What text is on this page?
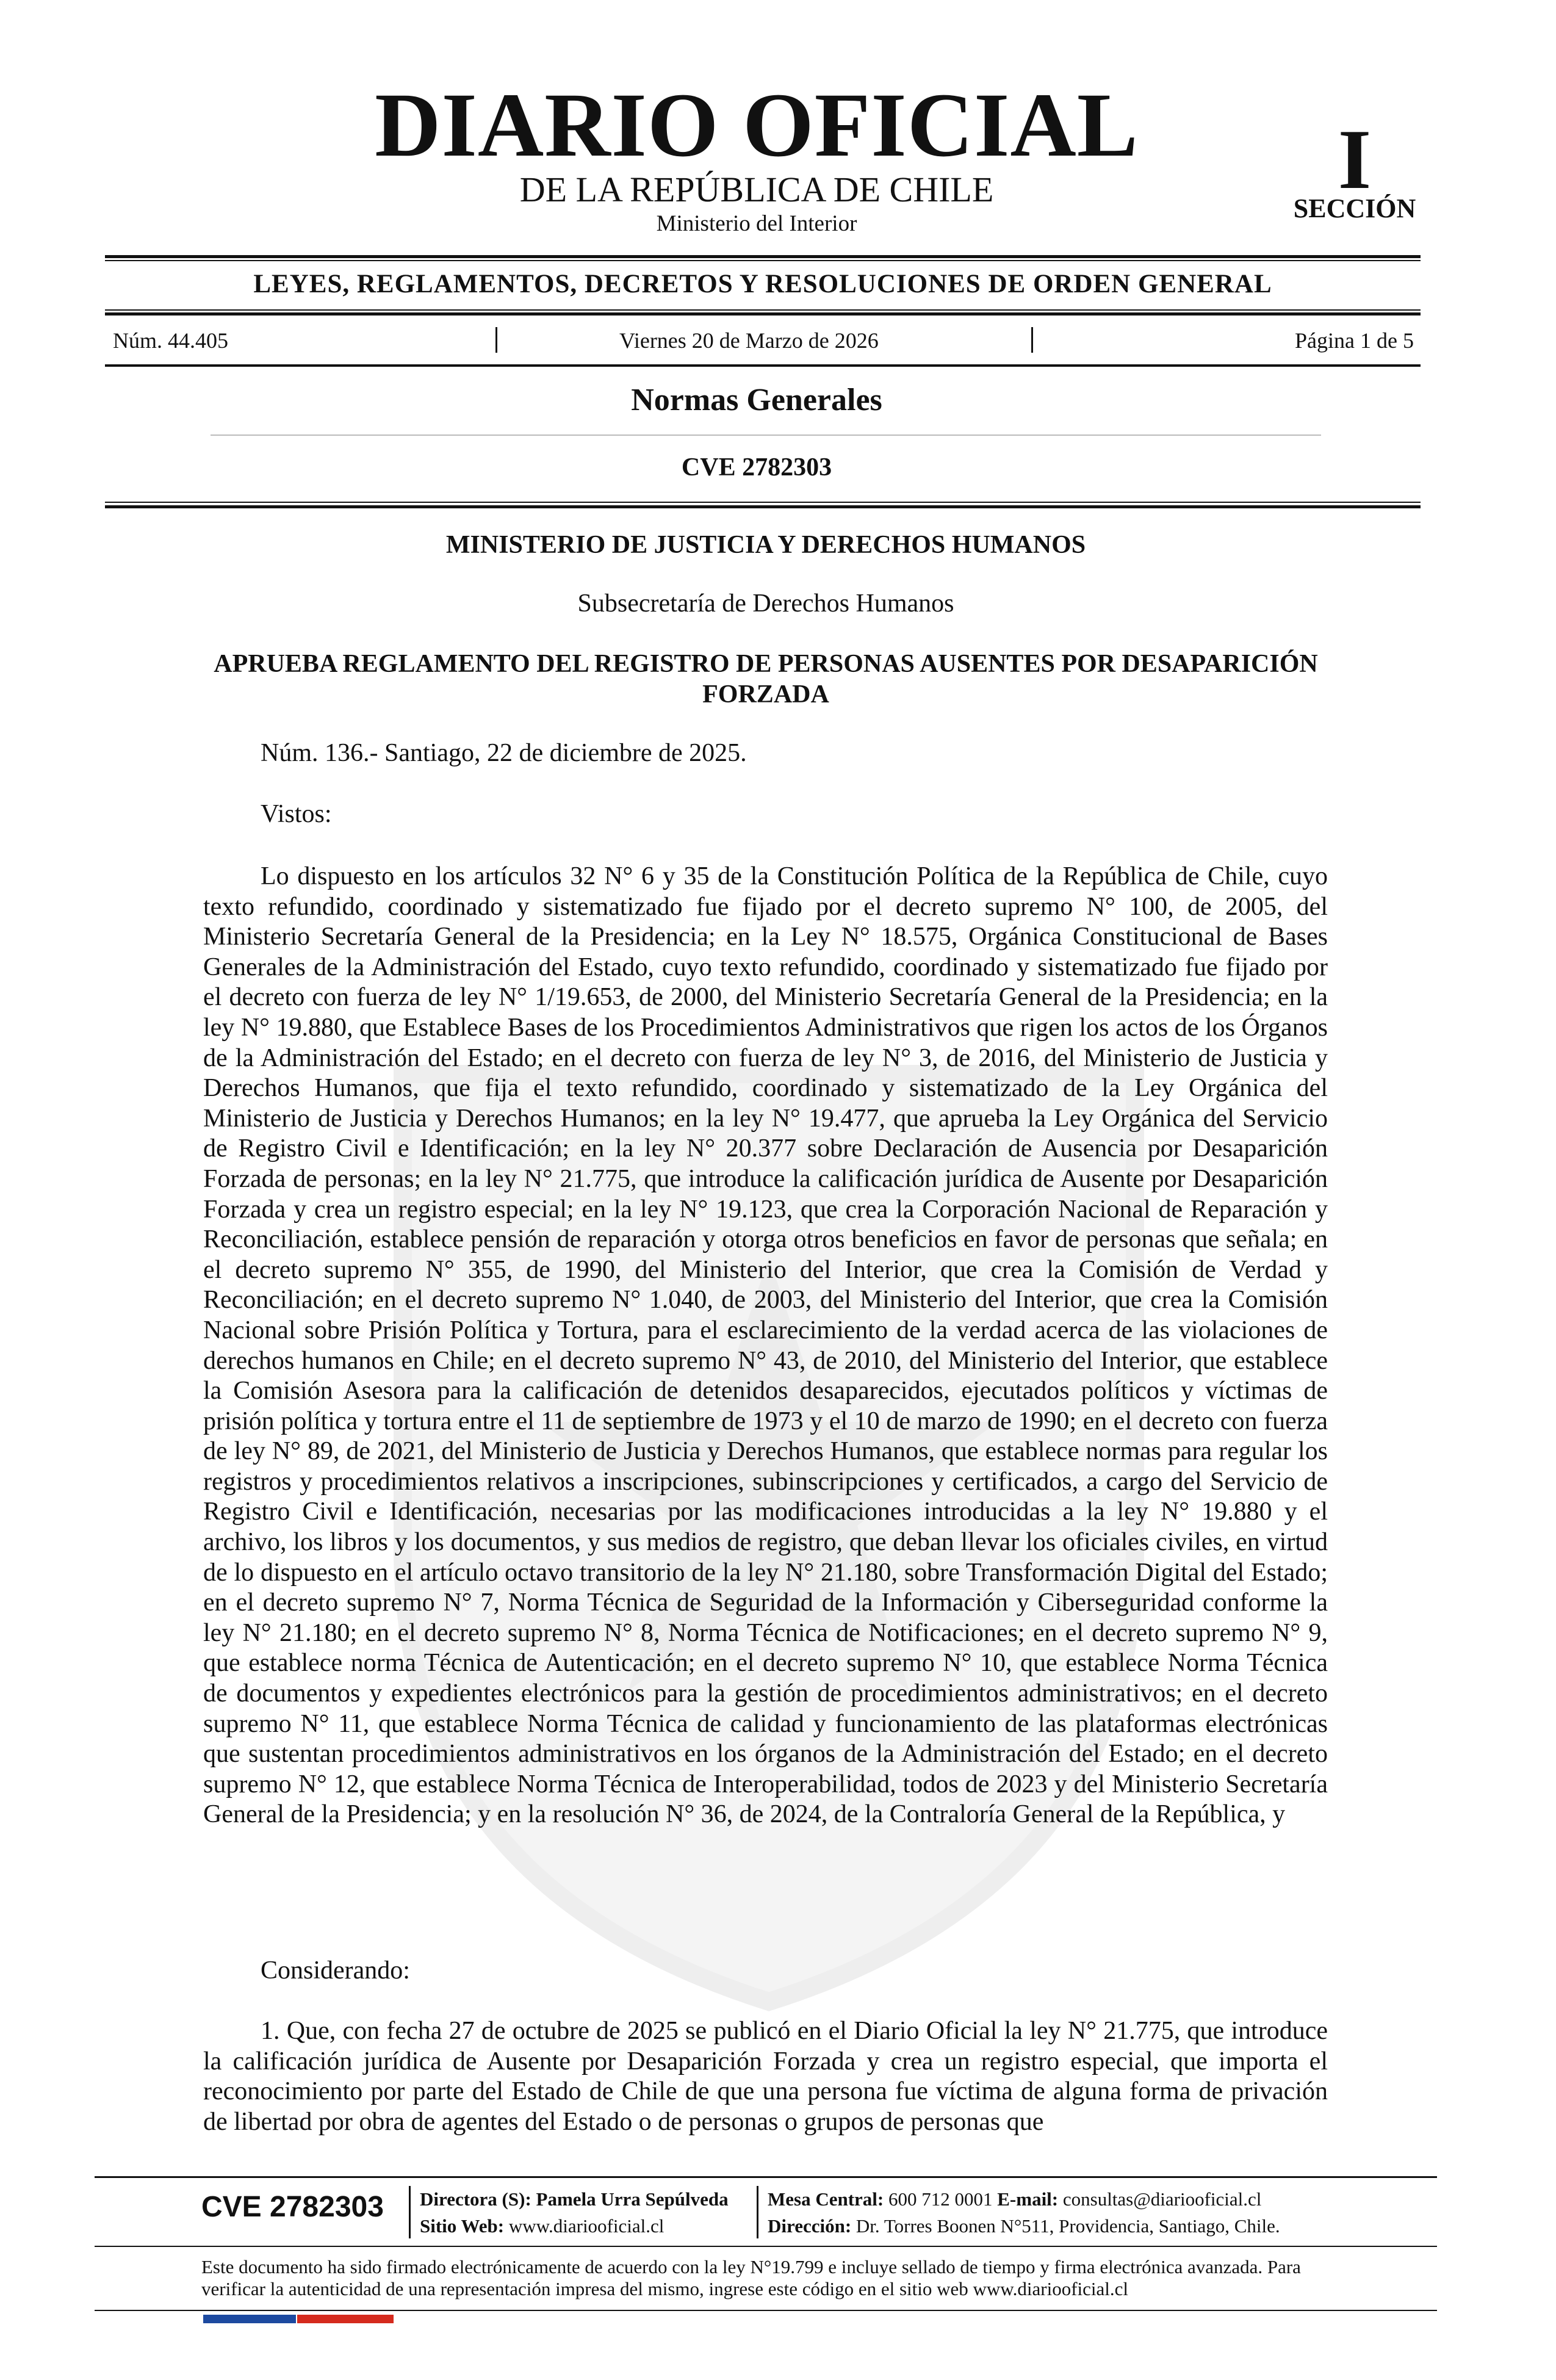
DIARIO OFICIAL
DE LA REPÚBLICA DE CHILE
Ministerio del Interior
I
SECCIÓN
LEYES, REGLAMENTOS, DECRETOS Y RESOLUCIONES DE ORDEN GENERAL
Núm. 44.405	Viernes 20 de Marzo de 2026	Página 1 de 5
Normas Generales
CVE 2782303
MINISTERIO DE JUSTICIA Y DERECHOS HUMANOS
Subsecretaría de Derechos Humanos
APRUEBA REGLAMENTO DEL REGISTRO DE PERSONAS AUSENTES POR DESAPARICIÓN FORZADA

Núm. 136.- Santiago, 22 de diciembre de 2025.

Vistos:

Lo dispuesto en los artículos 32 N° 6 y 35 de la Constitución Política de la República de Chile, cuyo texto refundido, coordinado y sistematizado fue fijado por el decreto supremo N° 100, de 2005, del Ministerio Secretaría General de la Presidencia; en la Ley N° 18.575, Orgánica Constitucional de Bases Generales de la Administración del Estado, cuyo texto refundido, coordinado y sistematizado fue fijado por el decreto con fuerza de ley N° 1/19.653, de 2000, del Ministerio Secretaría General de la Presidencia; en la ley N° 19.880, que Establece Bases de los Procedimientos Administrativos que rigen los actos de los Órganos de la Administración del Estado; en el decreto con fuerza de ley N° 3, de 2016, del Ministerio de Justicia y Derechos Humanos, que fija el texto refundido, coordinado y sistematizado de la Ley Orgánica del Ministerio de Justicia y Derechos Humanos; en la ley N° 19.477, que aprueba la Ley Orgánica del Servicio de Registro Civil e Identificación; en la ley N° 20.377 sobre Declaración de Ausencia por Desaparición Forzada de personas; en la ley N° 21.775, que introduce la calificación jurídica de Ausente por Desaparición Forzada y crea un registro especial; en la ley N° 19.123, que crea la Corporación Nacional de Reparación y Reconciliación, establece pensión de reparación y otorga otros beneficios en favor de personas que señala; en el decreto supremo N° 355, de 1990, del Ministerio del Interior, que crea la Comisión de Verdad y Reconciliación; en el decreto supremo N° 1.040, de 2003, del Ministerio del Interior, que crea la Comisión Nacional sobre Prisión Política y Tortura, para el esclarecimiento de la verdad acerca de las violaciones de derechos humanos en Chile; en el decreto supremo N° 43, de 2010, del Ministerio del Interior, que establece la Comisión Asesora para la calificación de detenidos desaparecidos, ejecutados políticos y víctimas de prisión política y tortura entre el 11 de septiembre de 1973 y el 10 de marzo de 1990; en el decreto con fuerza de ley N° 89, de 2021, del Ministerio de Justicia y Derechos Humanos, que establece normas para regular los registros y procedimientos relativos a inscripciones, subinscripciones y certificados, a cargo del Servicio de Registro Civil e Identificación, necesarias por las modificaciones introducidas a la ley N° 19.880 y el archivo, los libros y los documentos, y sus medios de registro, que deban llevar los oficiales civiles, en virtud de lo dispuesto en el artículo octavo transitorio de la ley N° 21.180, sobre Transformación Digital del Estado; en el decreto supremo N° 7, Norma Técnica de Seguridad de la Información y Ciberseguridad conforme la ley N° 21.180; en el decreto supremo N° 8, Norma Técnica de Notificaciones; en el decreto supremo N° 9, que establece norma Técnica de Autenticación; en el decreto supremo N° 10, que establece Norma Técnica de documentos y expedientes electrónicos para la gestión de procedimientos administrativos; en el decreto supremo N° 11, que establece Norma Técnica de calidad y funcionamiento de las plataformas electrónicas que sustentan procedimientos administrativos en los órganos de la Administración del Estado; en el decreto supremo N° 12, que establece Norma Técnica de Interoperabilidad, todos de 2023 y del Ministerio Secretaría General de la Presidencia; y en la resolución N° 36, de 2024, de la Contraloría General de la República, y

Considerando:

1. Que, con fecha 27 de octubre de 2025 se publicó en el Diario Oficial la ley N° 21.775, que introduce la calificación jurídica de Ausente por Desaparición Forzada y crea un registro especial, que importa el reconocimiento por parte del Estado de Chile de que una persona fue víctima de alguna forma de privación de libertad por obra de agentes del Estado o de personas o grupos de personas que

CVE 2782303 Directora (S): Pamela Urra Sepúlveda
Sitio Web: www.diariooficial.cl
Mesa Central: 600 712 0001 E-mail: consultas@diariooficial.cl
Dirección: Dr. Torres Boonen N°511, Providencia, Santiago, Chile.
Este documento ha sido firmado electrónicamente de acuerdo con la ley N°19.799 e incluye sellado de tiempo y firma electrónica avanzada. Para verificar la autenticidad de una representación impresa del mismo, ingrese este código en el sitio web www.diariooficial.cl
